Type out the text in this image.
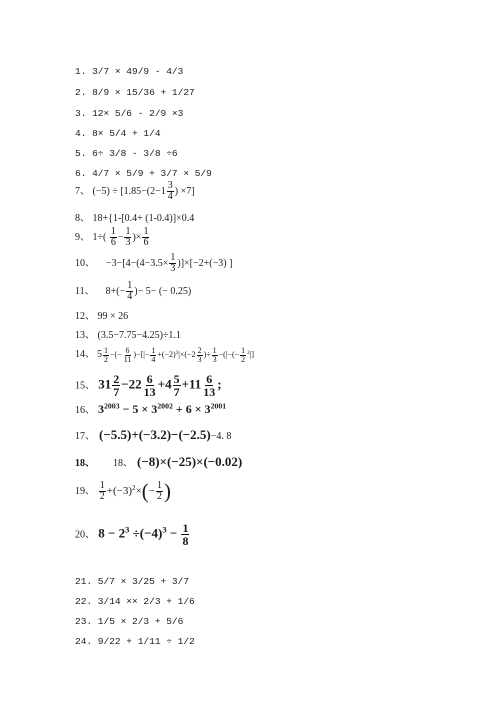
1. 3/7 × 49/9 - 4/3
2. 8/9 × 15/36 + 1/27
3. 12× 5/6 - 2/9 ×3
4. 8× 5/4 + 1/4
5. 6÷ 3/8 - 3/8 ÷6
6. 4/7 × 5/9 + 3/7 × 5/9
7、 $(-5) \div [1.85-(2-1 \frac{3}{4}$ ) ×7]
8、 18+{1-[0.4+ (1-0.4)]×0.4
9、 $1\div( \frac{1}{6} - \frac{1}{3}$ )× $\frac{1}{6}$
10、 $-3-[4-(4-3.5\times \frac{1}{3} )]\times[-2+(-3)$ ]
11、 $8+(- \frac{1}{4}$ )− 5− (− 0.25)
12、 99 × 26
13、 (3.5−7.75−4.25)÷1.1
14、 $5 \frac{1}{2}$ −(− $\frac{6}{11}$ )−[|− $\frac{1}{4} +(-2)^3|\times(-2 \frac{2}{3}$ )÷ $\frac{1}{3}$ −(|−(− $\frac{1}{2} ^2|$]
15、 $31 \frac{2}{7} -22 \frac{6}{13} +4 \frac{5}{7} +11 \frac{6}{13}$ ;
16、 $3^{2003} - 5 \times 3^{2002} + 6 \times 3^{2001}$
17、 (−5.5)+(−3.2)−(−2.5)−4. 8
18、 18、 (−8)×(−25)×(−0.02)
19、 $\frac{1}{2} +(-3)^2\times(- \frac{1}{2}$ )
20、 $8 - 2^3 \div(-4)^3 - \frac{1}{8}$
21. 5/7 × 3/25 + 3/7
22. 3/14 ×× 2/3 + 1/6
23. 1/5 × 2/3 + 5/6
24. 9/22 + 1/11 ÷ 1/2
